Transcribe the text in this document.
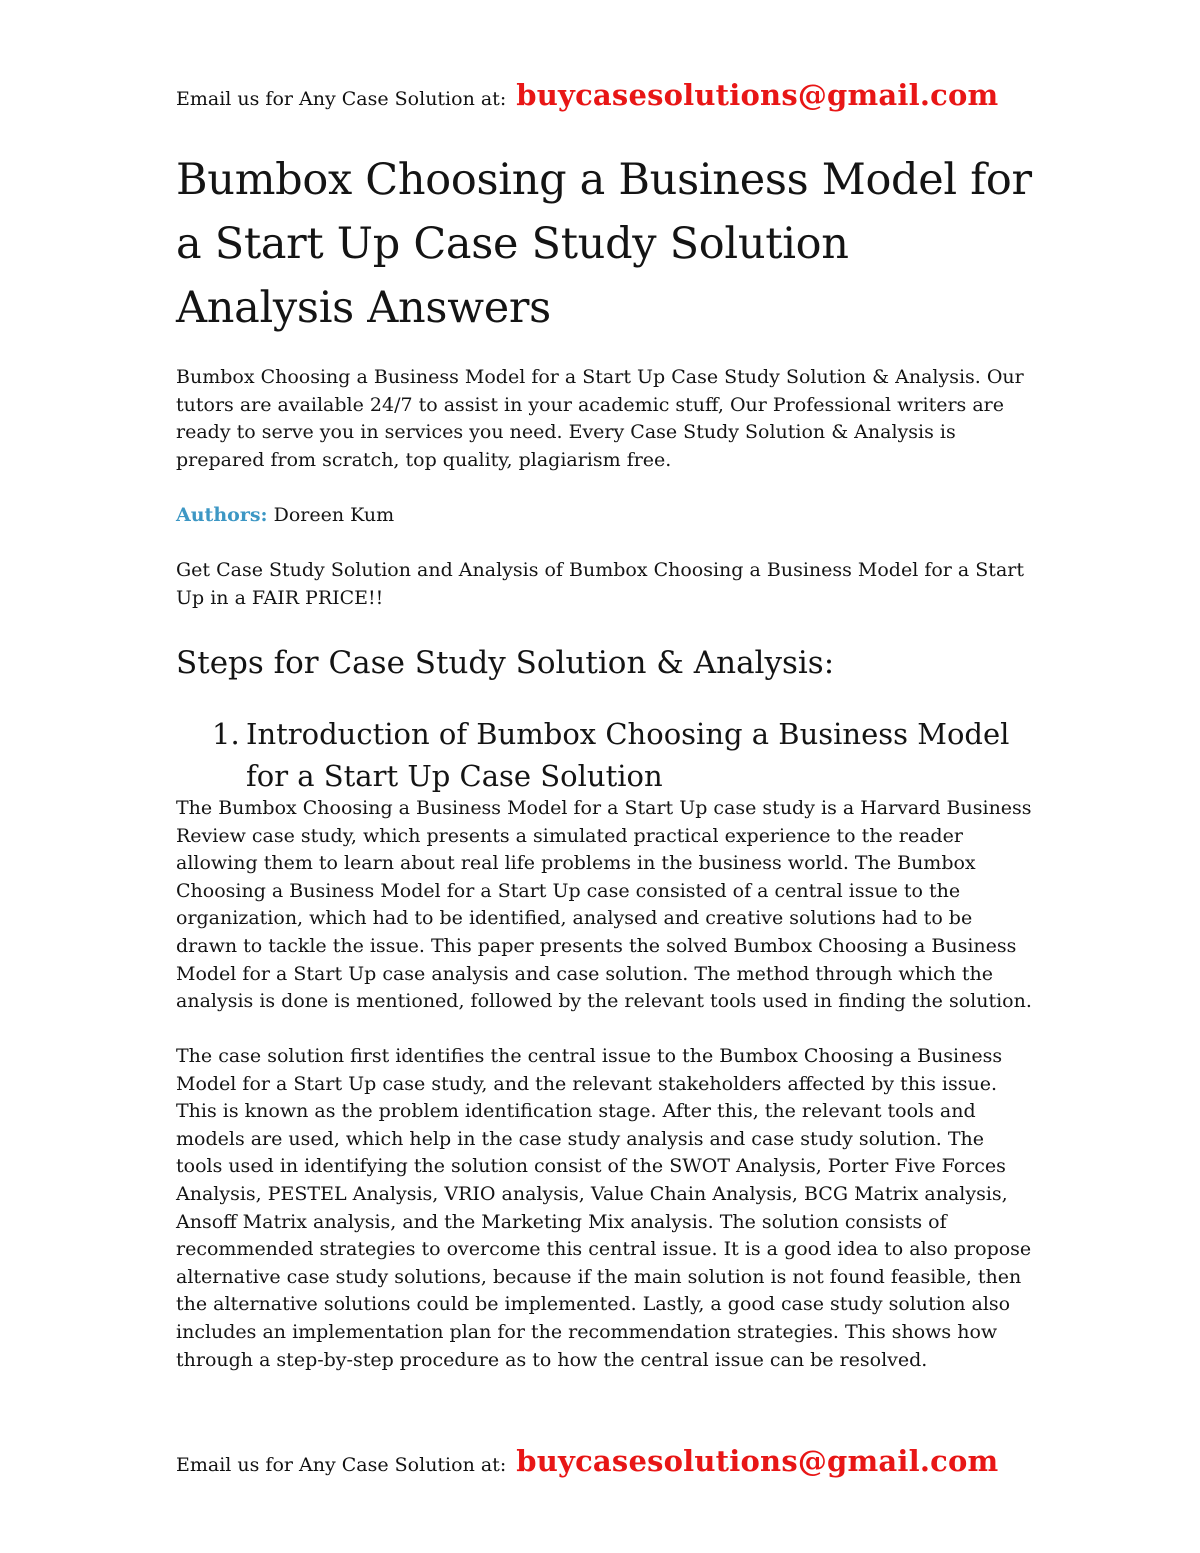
Email us for Any Case Solution at: buycasesolutions@gmail.com
Bumbox Choosing a Business Model for a Start Up Case Study Solution Analysis Answers

Bumbox Choosing a Business Model for a Start Up Case Study Solution & Analysis. Our tutors are available 24/7 to assist in your academic stuff, Our Professional writers are ready to serve you in services you need. Every Case Study Solution & Analysis is prepared from scratch, top quality, plagiarism free.

Authors: Doreen Kum

Get Case Study Solution and Analysis of Bumbox Choosing a Business Model for a Start Up in a FAIR PRICE!!

Steps for Case Study Solution & Analysis:
1. Introduction of Bumbox Choosing a Business Model for a Start Up Case Solution

The Bumbox Choosing a Business Model for a Start Up case study is a Harvard Business Review case study, which presents a simulated practical experience to the reader allowing them to learn about real life problems in the business world. The Bumbox Choosing a Business Model for a Start Up case consisted of a central issue to the organization, which had to be identified, analysed and creative solutions had to be drawn to tackle the issue. This paper presents the solved Bumbox Choosing a Business Model for a Start Up case analysis and case solution. The method through which the analysis is done is mentioned, followed by the relevant tools used in finding the solution.

The case solution first identifies the central issue to the Bumbox Choosing a Business Model for a Start Up case study, and the relevant stakeholders affected by this issue. This is known as the problem identification stage. After this, the relevant tools and models are used, which help in the case study analysis and case study solution. The tools used in identifying the solution consist of the SWOT Analysis, Porter Five Forces Analysis, PESTEL Analysis, VRIO analysis, Value Chain Analysis, BCG Matrix analysis, Ansoff Matrix analysis, and the Marketing Mix analysis. The solution consists of recommended strategies to overcome this central issue. It is a good idea to also propose alternative case study solutions, because if the main solution is not found feasible, then the alternative solutions could be implemented. Lastly, a good case study solution also includes an implementation plan for the recommendation strategies. This shows how through a step-by-step procedure as to how the central issue can be resolved.

Email us for Any Case Solution at: buycasesolutions@gmail.com
